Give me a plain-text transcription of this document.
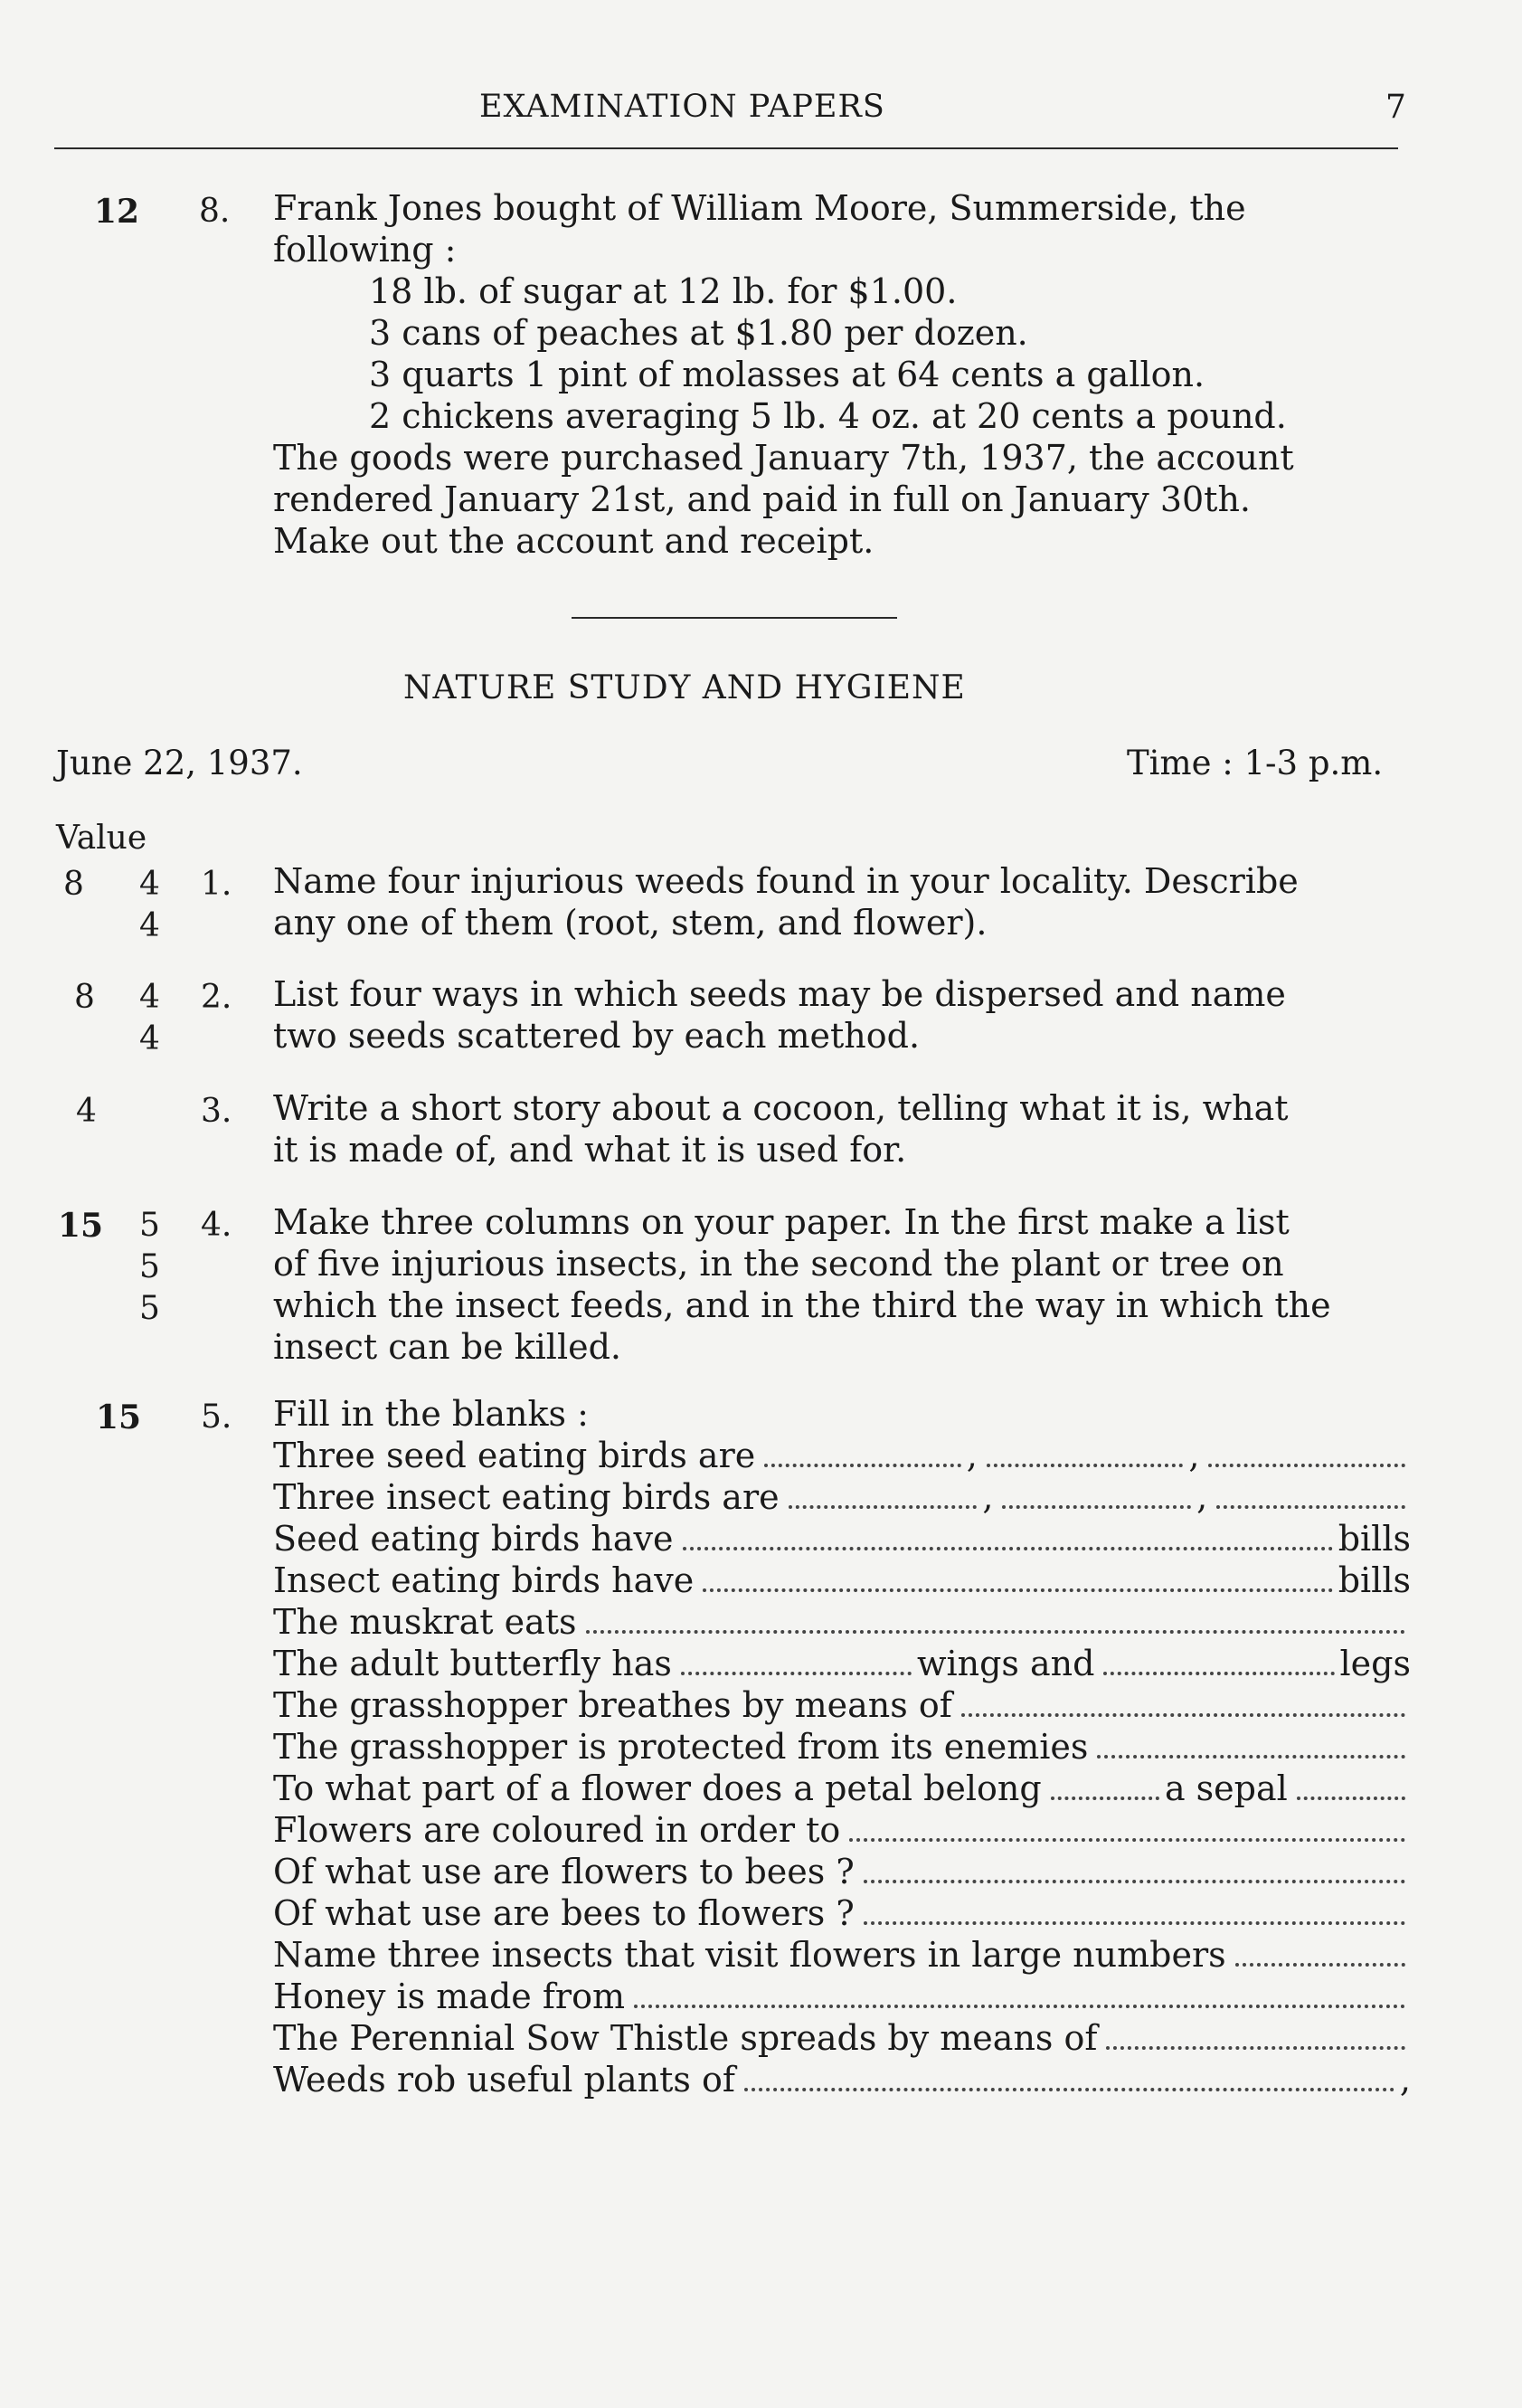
EXAMINATION PAPERS	7
12 8. Frank Jones bought of William Moore, Summerside, the
following :
18 lb. of sugar at 12 lb. for $1.00.
3 cans of peaches at $1.80 per dozen.
3 quarts 1 pint of molasses at 64 cents a gallon.
2 chickens averaging 5 lb. 4 oz. at 20 cents a pound.
The goods were purchased January 7th, 1937, the account
rendered January 21st, and paid in full on January 30th.
Make out the account and receipt.
NATURE STUDY AND HYGIENE
June 22, 1937.	Time : 1-3 p.m.
Value
8 4
4
1. Name four injurious weeds found in your locality. Describe
any one of them (root, stem, and flower).
8 4
4
2. List four ways in which seeds may be dispersed and name
two seeds scattered by each method.
4	3. Write a short story about a cocoon, telling what it is, what
it is made of, and what it is used for.
15 5
5
5
4. Make three columns on your paper. In the first make a list
of five injurious insects, in the second the plant or tree on
which the insect feeds, and in the third the way in which the
insect can be killed.
15 5. Fill in the blanks :
Three seed eating birds are	,	,
Three insect eating birds are	,	,
Seed eating birds have	bills
Insect eating birds have	bills
The muskrat eats
The adult butterfly has	wings and	legs
The grasshopper breathes by means of
The grasshopper is protected from its enemies
To what part of a flower does a petal belong	a sepal
Flowers are coloured in order to
Of what use are flowers to bees ?
Of what use are bees to flowers ?
Name three insects that visit flowers in large numbers
Honey is made from
The Perennial Sow Thistle spreads by means of
Weeds rob useful plants of	,
